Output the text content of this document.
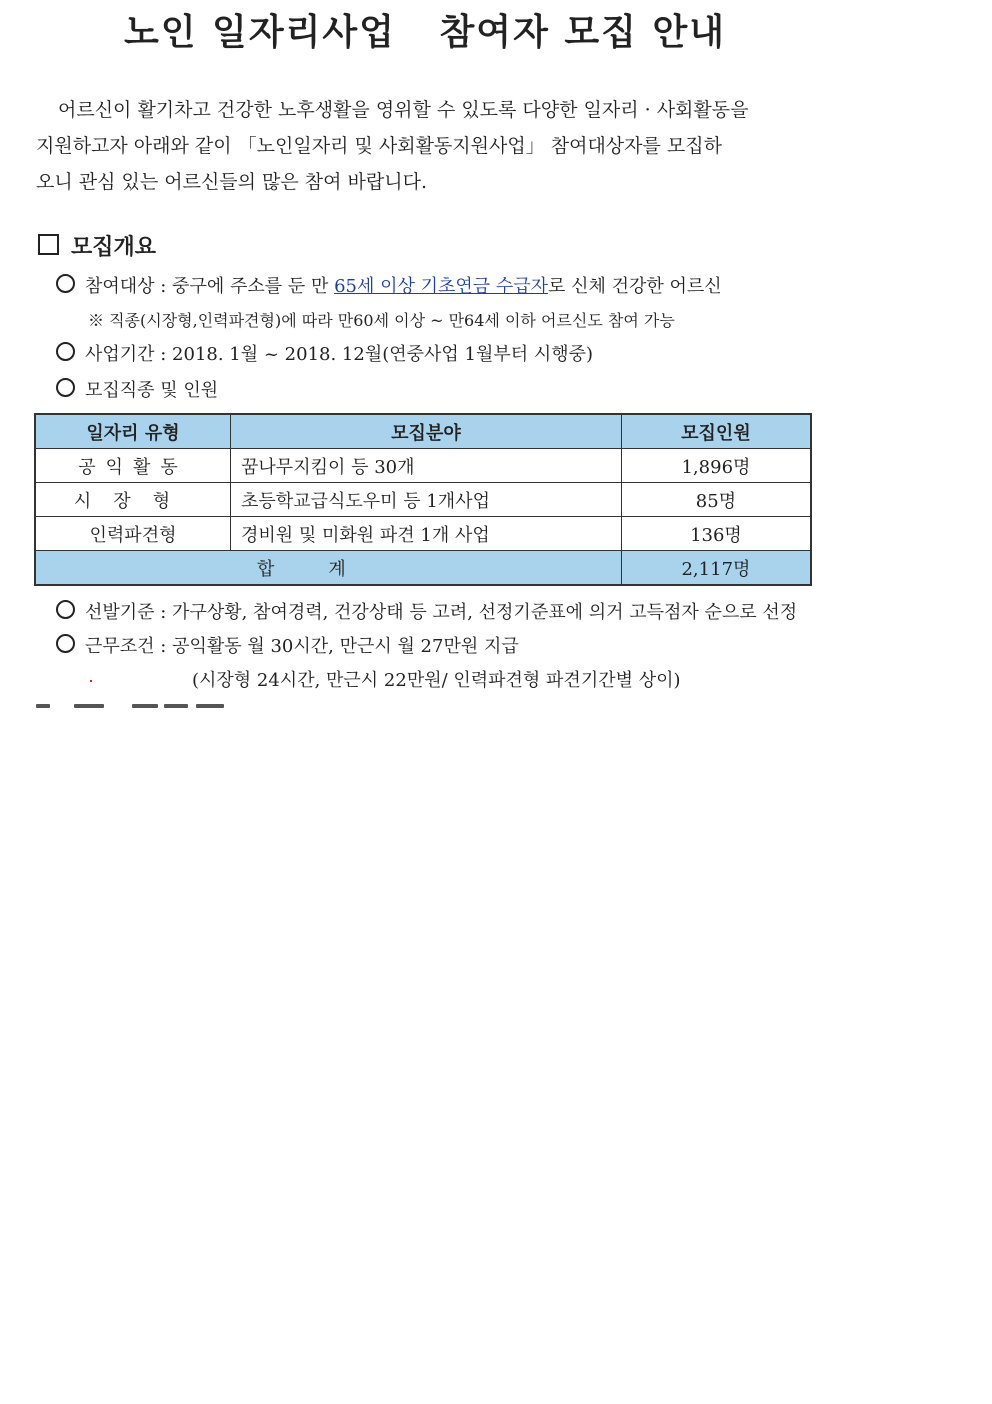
노인 일자리사업   참여자 모집 안내
어르신이 활기차고 건강한 노후생활을 영위할 수 있도록 다양한 일자리 · 사회활동을
지원하고자 아래와 같이 「노인일자리 및 사회활동지원사업」 참여대상자를 모집하
오니 관심 있는 어르신들의 많은 참여 바랍니다.
모집개요
참여대상 : 중구에 주소를 둔 만 65세 이상 기초연금 수급자로 신체 건강한 어르신
※ 직종(시장형,인력파견형)에 따라 만60세 이상 ~ 만64세 이하 어르신도 참여 가능
사업기간 : 2018. 1월 ~ 2018. 12월(연중사업 1월부터 시행중)
모집직종 및 인원
일자리 유형	모집분야	모집인원
공익활동	꿈나무지킴이 등 30개	1,896명
시장형	초등학교급식도우미 등 1개사업	85명
인력파견형	경비원 및 미화원 파견 1개 사업	136명
합계		2,117명
선발기준 : 가구상황, 참여경력, 건강상태 등 고려, 선정기준표에 의거 고득점자 순으로 선정
근무조건 : 공익활동 월 30시간, 만근시 월 27만원 지급
(시장형 24시간, 만근시 22만원/ 인력파견형 파견기간별 상이)
